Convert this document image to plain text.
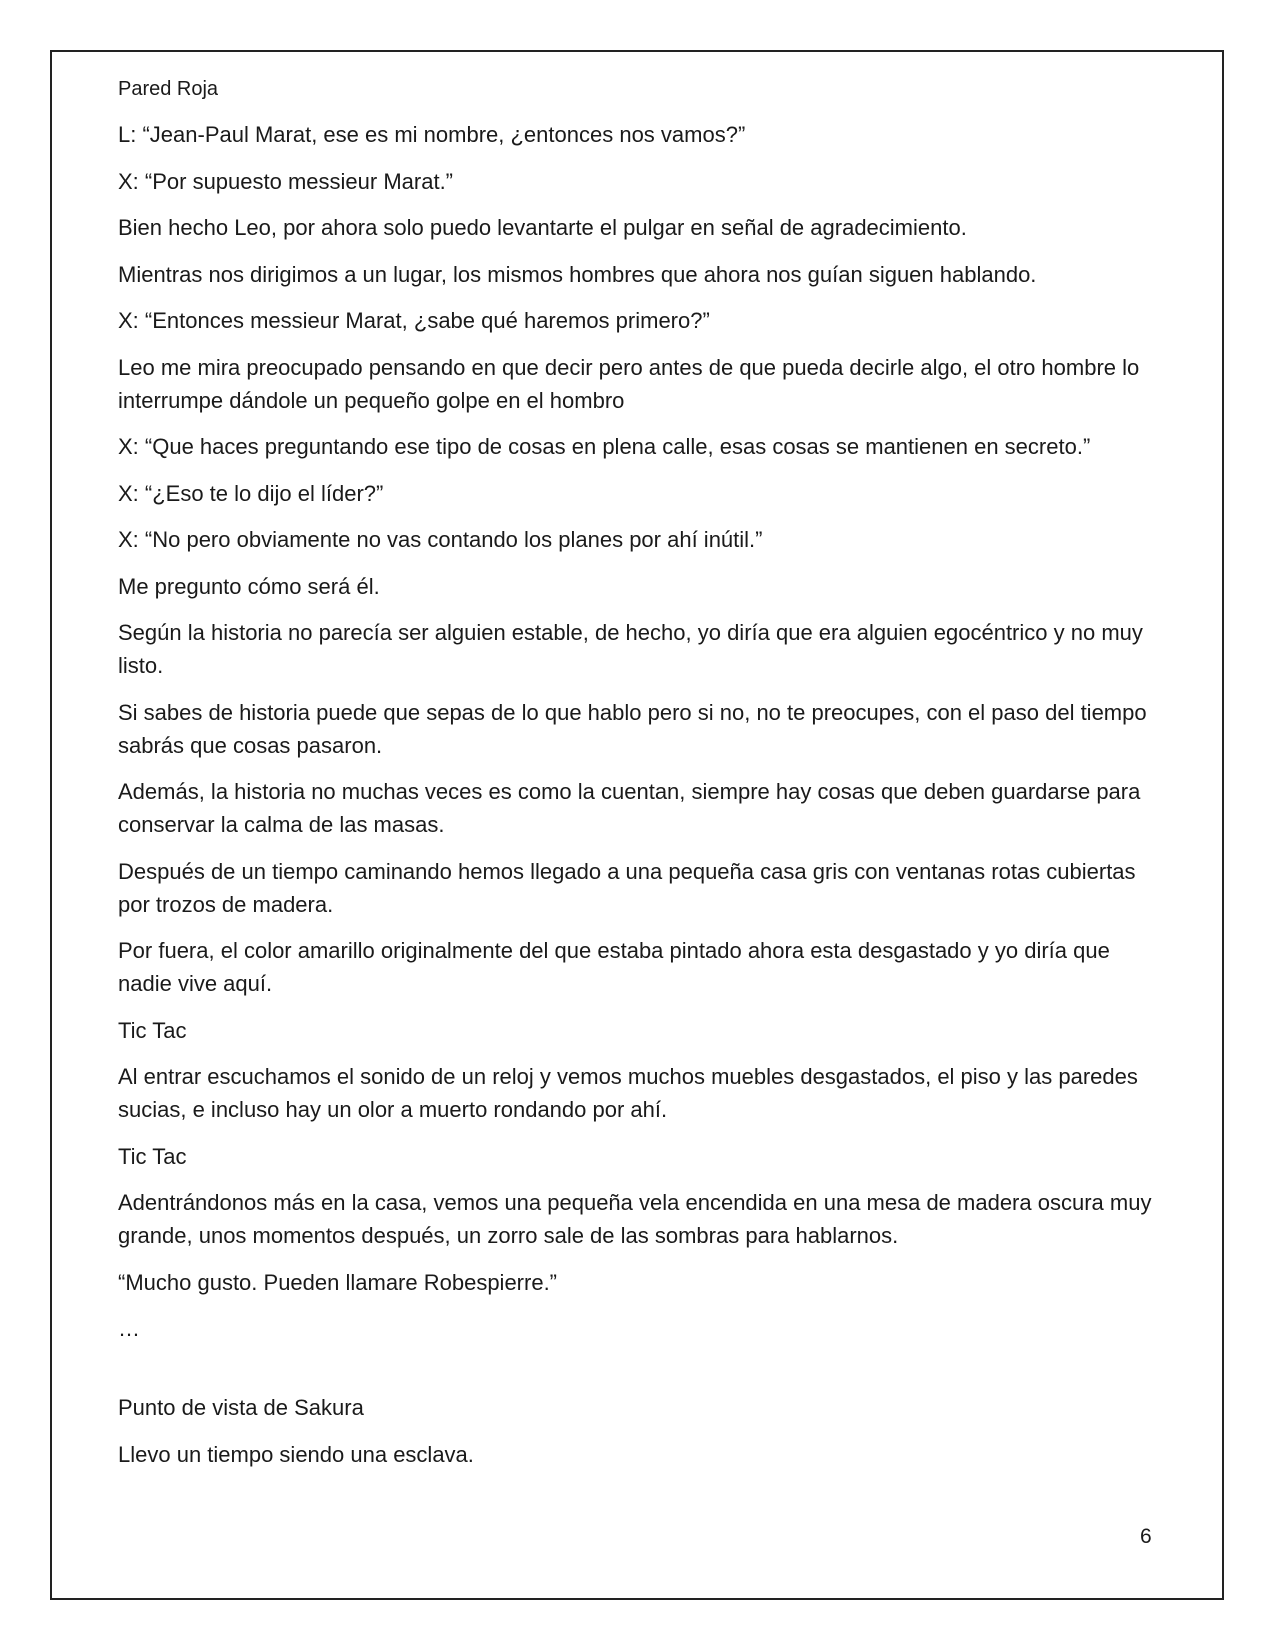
Pared Roja

L: “Jean-Paul Marat, ese es mi nombre, ¿entonces nos vamos?”

X: “Por supuesto messieur Marat.”

Bien hecho Leo, por ahora solo puedo levantarte el pulgar en señal de agradecimiento.

Mientras nos dirigimos a un lugar, los mismos hombres que ahora nos guían siguen hablando.

X: “Entonces messieur Marat, ¿sabe qué haremos primero?”

Leo me mira preocupado pensando en que decir pero antes de que pueda decirle algo, el otro hombre lo interrumpe dándole un pequeño golpe en el hombro

X: “Que haces preguntando ese tipo de cosas en plena calle, esas cosas se mantienen en secreto.”

X: “¿Eso te lo dijo el líder?”

X: “No pero obviamente no vas contando los planes por ahí inútil.”

Me pregunto cómo será él.

Según la historia no parecía ser alguien estable, de hecho, yo diría que era alguien egocéntrico y no muy listo.

Si sabes de historia puede que sepas de lo que hablo pero si no, no te preocupes, con el paso del tiempo sabrás que cosas pasaron.

Además, la historia no muchas veces es como la cuentan, siempre hay cosas que deben guardarse para conservar la calma de las masas.

Después de un tiempo caminando hemos llegado a una pequeña casa gris con ventanas rotas cubiertas por trozos de madera.

Por fuera, el color amarillo originalmente del que estaba pintado ahora esta desgastado y yo diría que nadie vive aquí.

Tic Tac

Al entrar escuchamos el sonido de un reloj y vemos muchos muebles desgastados, el piso y las paredes sucias, e incluso hay un olor a muerto rondando por ahí.

Tic Tac

Adentrándonos más en la casa, vemos una pequeña vela encendida en una mesa de madera oscura muy grande, unos momentos después, un zorro sale de las sombras para hablarnos.

“Mucho gusto. Pueden llamare Robespierre.”

…

Punto de vista de Sakura

Llevo un tiempo siendo una esclava.

6
